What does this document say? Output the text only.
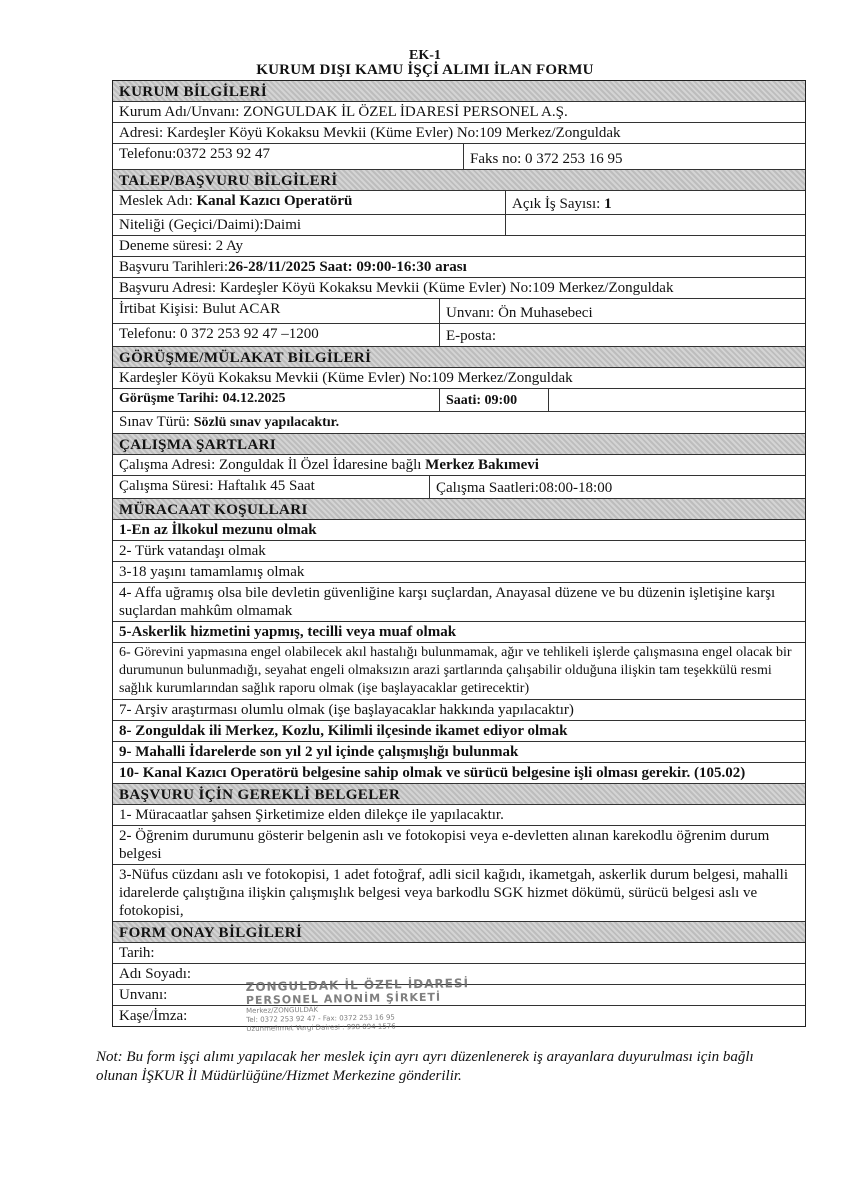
EK-1
KURUM DIŞI KAMU İŞÇİ ALIMI İLAN FORMU
KURUM BİLGİLERİ
Kurum Adı/Unvanı: ZONGULDAK İL ÖZEL İDARESİ PERSONEL A.Ş.
Adresi: Kardeşler Köyü Kokaksu Mevkii (Küme Evler) No:109 Merkez/Zonguldak
Telefonu:0372 253 92 47	Faks no: 0 372 253 16 95
TALEP/BAŞVURU BİLGİLERİ
Meslek Adı: Kanal Kazıcı Operatörü	Açık İş Sayısı: 1
Niteliği (Geçici/Daimi):Daimi
Deneme süresi: 2 Ay
Başvuru Tarihleri:26-28/11/2025 Saat: 09:00-16:30 arası
Başvuru Adresi: Kardeşler Köyü Kokaksu Mevkii (Küme Evler) No:109 Merkez/Zonguldak
İrtibat Kişisi: Bulut ACAR	Unvanı: Ön Muhasebeci
Telefonu: 0 372 253 92 47 –1200	E-posta:
GÖRÜŞME/MÜLAKAT BİLGİLERİ
Kardeşler Köyü Kokaksu Mevkii (Küme Evler) No:109 Merkez/Zonguldak
Görüşme Tarihi: 04.12.2025	Saati: 09:00
Sınav Türü: Sözlü sınav yapılacaktır.
ÇALIŞMA ŞARTLARI
Çalışma Adresi: Zonguldak İl Özel İdaresine bağlı Merkez Bakımevi
Çalışma Süresi: Haftalık 45 Saat	Çalışma Saatleri:08:00-18:00
MÜRACAAT KOŞULLARI
1-En az İlkokul mezunu olmak
2- Türk vatandaşı olmak
3-18 yaşını tamamlamış olmak
4- Affa uğramış olsa bile devletin güvenliğine karşı suçlardan, Anayasal düzene ve bu düzenin işletişine karşı suçlardan mahkûm olmamak
5-Askerlik hizmetini yapmış, tecilli veya muaf olmak
6- Görevini yapmasına engel olabilecek akıl hastalığı bulunmamak, ağır ve tehlikeli işlerde çalışmasına engel olacak bir durumunun bulunmadığı, seyahat engeli olmaksızın arazi şartlarında çalışabilir olduğuna ilişkin tam teşekkülü resmi sağlık kurumlarından sağlık raporu olmak (işe başlayacaklar getirecektir)
7- Arşiv araştırması olumlu olmak (işe başlayacaklar hakkında yapılacaktır)
8- Zonguldak ili Merkez, Kozlu, Kilimli ilçesinde ikamet ediyor olmak
9- Mahalli İdarelerde son yıl 2 yıl içinde çalışmışlığı bulunmak
10- Kanal Kazıcı Operatörü belgesine sahip olmak ve sürücü belgesine işli olması gerekir. (105.02)
BAŞVURU İÇİN GEREKLİ BELGELER
1- Müracaatlar şahsen Şirketimize elden dilekçe ile yapılacaktır.
2- Öğrenim durumunu gösterir belgenin aslı ve fotokopisi veya e-devletten alınan karekodlu öğrenim durum belgesi
3-Nüfus cüzdanı aslı ve fotokopisi, 1 adet fotoğraf, adli sicil kağıdı, ikametgah, askerlik durum belgesi, mahalli idarelerde çalıştığına ilişkin çalışmışlık belgesi veya barkodlu SGK hizmet dökümü, sürücü belgesi aslı ve fotokopisi,
FORM ONAY BİLGİLERİ
Tarih:
Adı Soyadı:
Unvanı:
Kaşe/İmza:
ZONGULDAK İL ÖZEL İDARESİ
PERSONEL ANONİM ŞİRKETİ
Merkez/ZONGULDAK
Tel: 0372 253 92 47 - Fax: 0372 253 16 95
Uzunmehmet Vergi Dairesi : 998 094 1576
Not: Bu form işçi alımı yapılacak her meslek için ayrı ayrı düzenlenerek iş arayanlara duyurulması için bağlı olunan İŞKUR İl Müdürlüğüne/Hizmet Merkezine gönderilir.
